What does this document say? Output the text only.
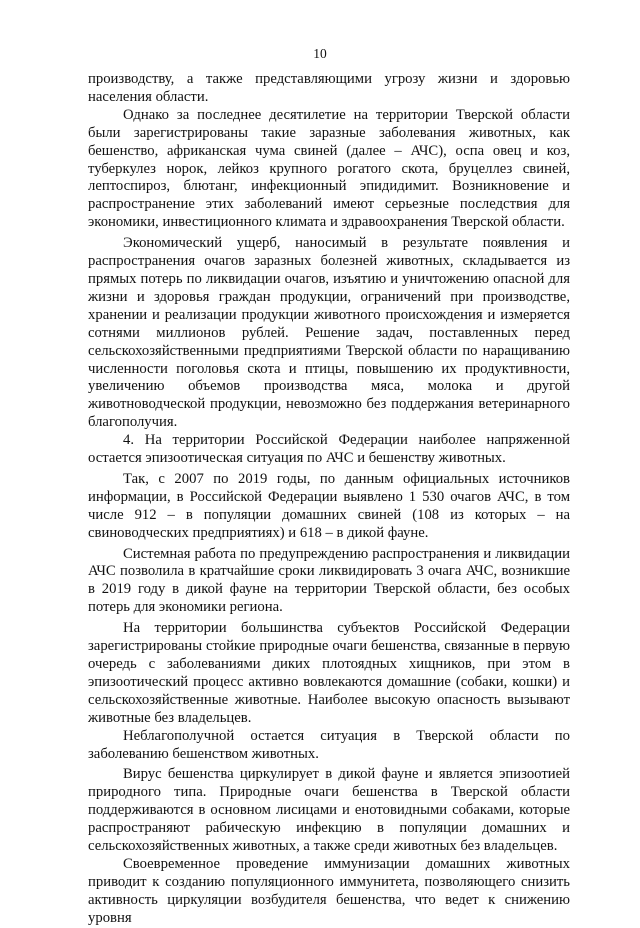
10

производству, а также представляющими угрозу жизни и здоровью населения области.

Однако за последнее десятилетие на территории Тверской области были зарегистрированы такие заразные заболевания животных, как бешенство, африканская чума свиней (далее – АЧС), оспа овец и коз, туберкулез норок, лейкоз крупного рогатого скота, бруцеллез свиней, лептоспироз, блютанг, инфекционный эпидидимит. Возникновение и распространение этих заболеваний имеют серьезные последствия для экономики, инвестиционного климата и здравоохранения Тверской области.

Экономический ущерб, наносимый в результате появления и распространения очагов заразных болезней животных, складывается из прямых потерь по ликвидации очагов, изъятию и уничтожению опасной для жизни и здоровья граждан продукции, ограничений при производстве, хранении и реализации продукции животного происхождения и измеряется сотнями миллионов рублей. Решение задач, поставленных перед сельскохозяйственными предприятиями Тверской области по наращиванию численности поголовья скота и птицы, повышению их продуктивности, увеличению объемов производства мяса, молока и другой животноводческой продукции, невозможно без поддержания ветеринарного благополучия.

4. На территории Российской Федерации наиболее напряженной остается эпизоотическая ситуация по АЧС и бешенству животных.

Так, с 2007 по 2019 годы, по данным официальных источников информации, в Российской Федерации выявлено 1 530 очагов АЧС, в том числе 912 – в популяции домашних свиней (108 из которых – на свиноводческих предприятиях) и 618 – в дикой фауне.

Системная работа по предупреждению распространения и ликвидации АЧС позволила в кратчайшие сроки ликвидировать 3 очага АЧС, возникшие в 2019 году в дикой фауне на территории Тверской области, без особых потерь для экономики региона.

На территории большинства субъектов Российской Федерации зарегистрированы стойкие природные очаги бешенства, связанные в первую очередь с заболеваниями диких плотоядных хищников, при этом в эпизоотический процесс активно вовлекаются домашние (собаки, кошки) и сельскохозяйственные животные. Наиболее высокую опасность вызывают животные без владельцев.

Неблагополучной остается ситуация в Тверской области по заболеванию бешенством животных.

Вирус бешенства циркулирует в дикой фауне и является эпизоотией природного типа. Природные очаги бешенства в Тверской области поддерживаются в основном лисицами и енотовидными собаками, которые распространяют рабическую инфекцию в популяции домашних и сельскохозяйственных животных, а также среди животных без владельцев.

Своевременное проведение иммунизации домашних животных приводит к созданию популяционного иммунитета, позволяющего снизить активность циркуляции возбудителя бешенства, что ведет к снижению уровня
